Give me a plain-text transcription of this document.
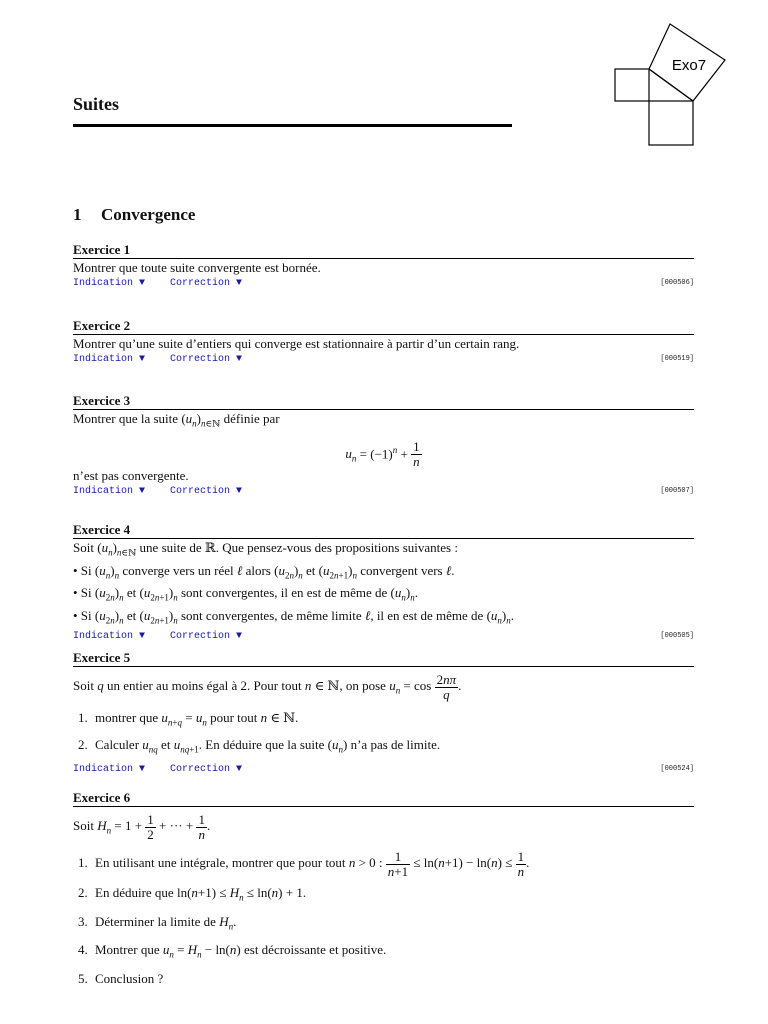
Exo7
Suites
1 Convergence
Exercice 1
Montrer que toute suite convergente est bornée.
Indication ▼ Correction ▼	[000506]
Exercice 2
Montrer qu’une suite d’entiers qui converge est stationnaire à partir d’un certain rang.
Indication ▼ Correction ▼	[000519]
Exercice 3
Montrer que la suite $(u_n)_{n\in ℕ}$ définie par
$u_n = (-1)^n + \frac{1}{n}$
n’est pas convergente.
Indication ▼ Correction ▼	[000507]
Exercice 4
Soit $(u_n)_{n\in ℕ}$ une suite de ℝ. Que pensez-vous des propositions suivantes :
• Si $(u_n)_n$ converge vers un réel ℓ alors $(u_{2n})_n$ et $(u_{2n+1})_n$ convergent vers ℓ.
• Si $(u_{2n})_n$ et $(u_{2n+1})_n$ sont convergentes, il en est de même de $(u_n)_n$.
• Si $(u_{2n})_n$ et $(u_{2n+1})_n$ sont convergentes, de même limite ℓ, il en est de même de $(u_n)_n$.
Indication ▼ Correction ▼	[000505]
Exercice 5
Soit q un entier au moins égal à 2. Pour tout n ∈ ℕ, on pose $u_n = \cos \frac{2n\pi}{q}$ .
1. montrer que $u_{n+q} = u_n$ pour tout n ∈ ℕ.
2. Calculer $u_{nq}$ et $u_{nq+1}$. En déduire que la suite $(u_n)$ n’a pas de limite.
Indication ▼ Correction ▼	[000524]
Exercice 6
Soit $H_n = 1 + \frac{1}{2}$ + ··· + $\frac{1}{n}$ .
1. En utilisant une intégrale, montrer que pour tout n > 0 : $\frac{1}{n+1} \le \ln(n+1) - \ln(n) \le \frac{1}{n}$ .
2. En déduire que $\ln(n+1) \le H_n \le \ln(n) + 1$.
3. Déterminer la limite de $H_n$.
4. Montrer que $u_n = H_n - \ln(n)$ est décroissante et positive.
5. Conclusion ?
